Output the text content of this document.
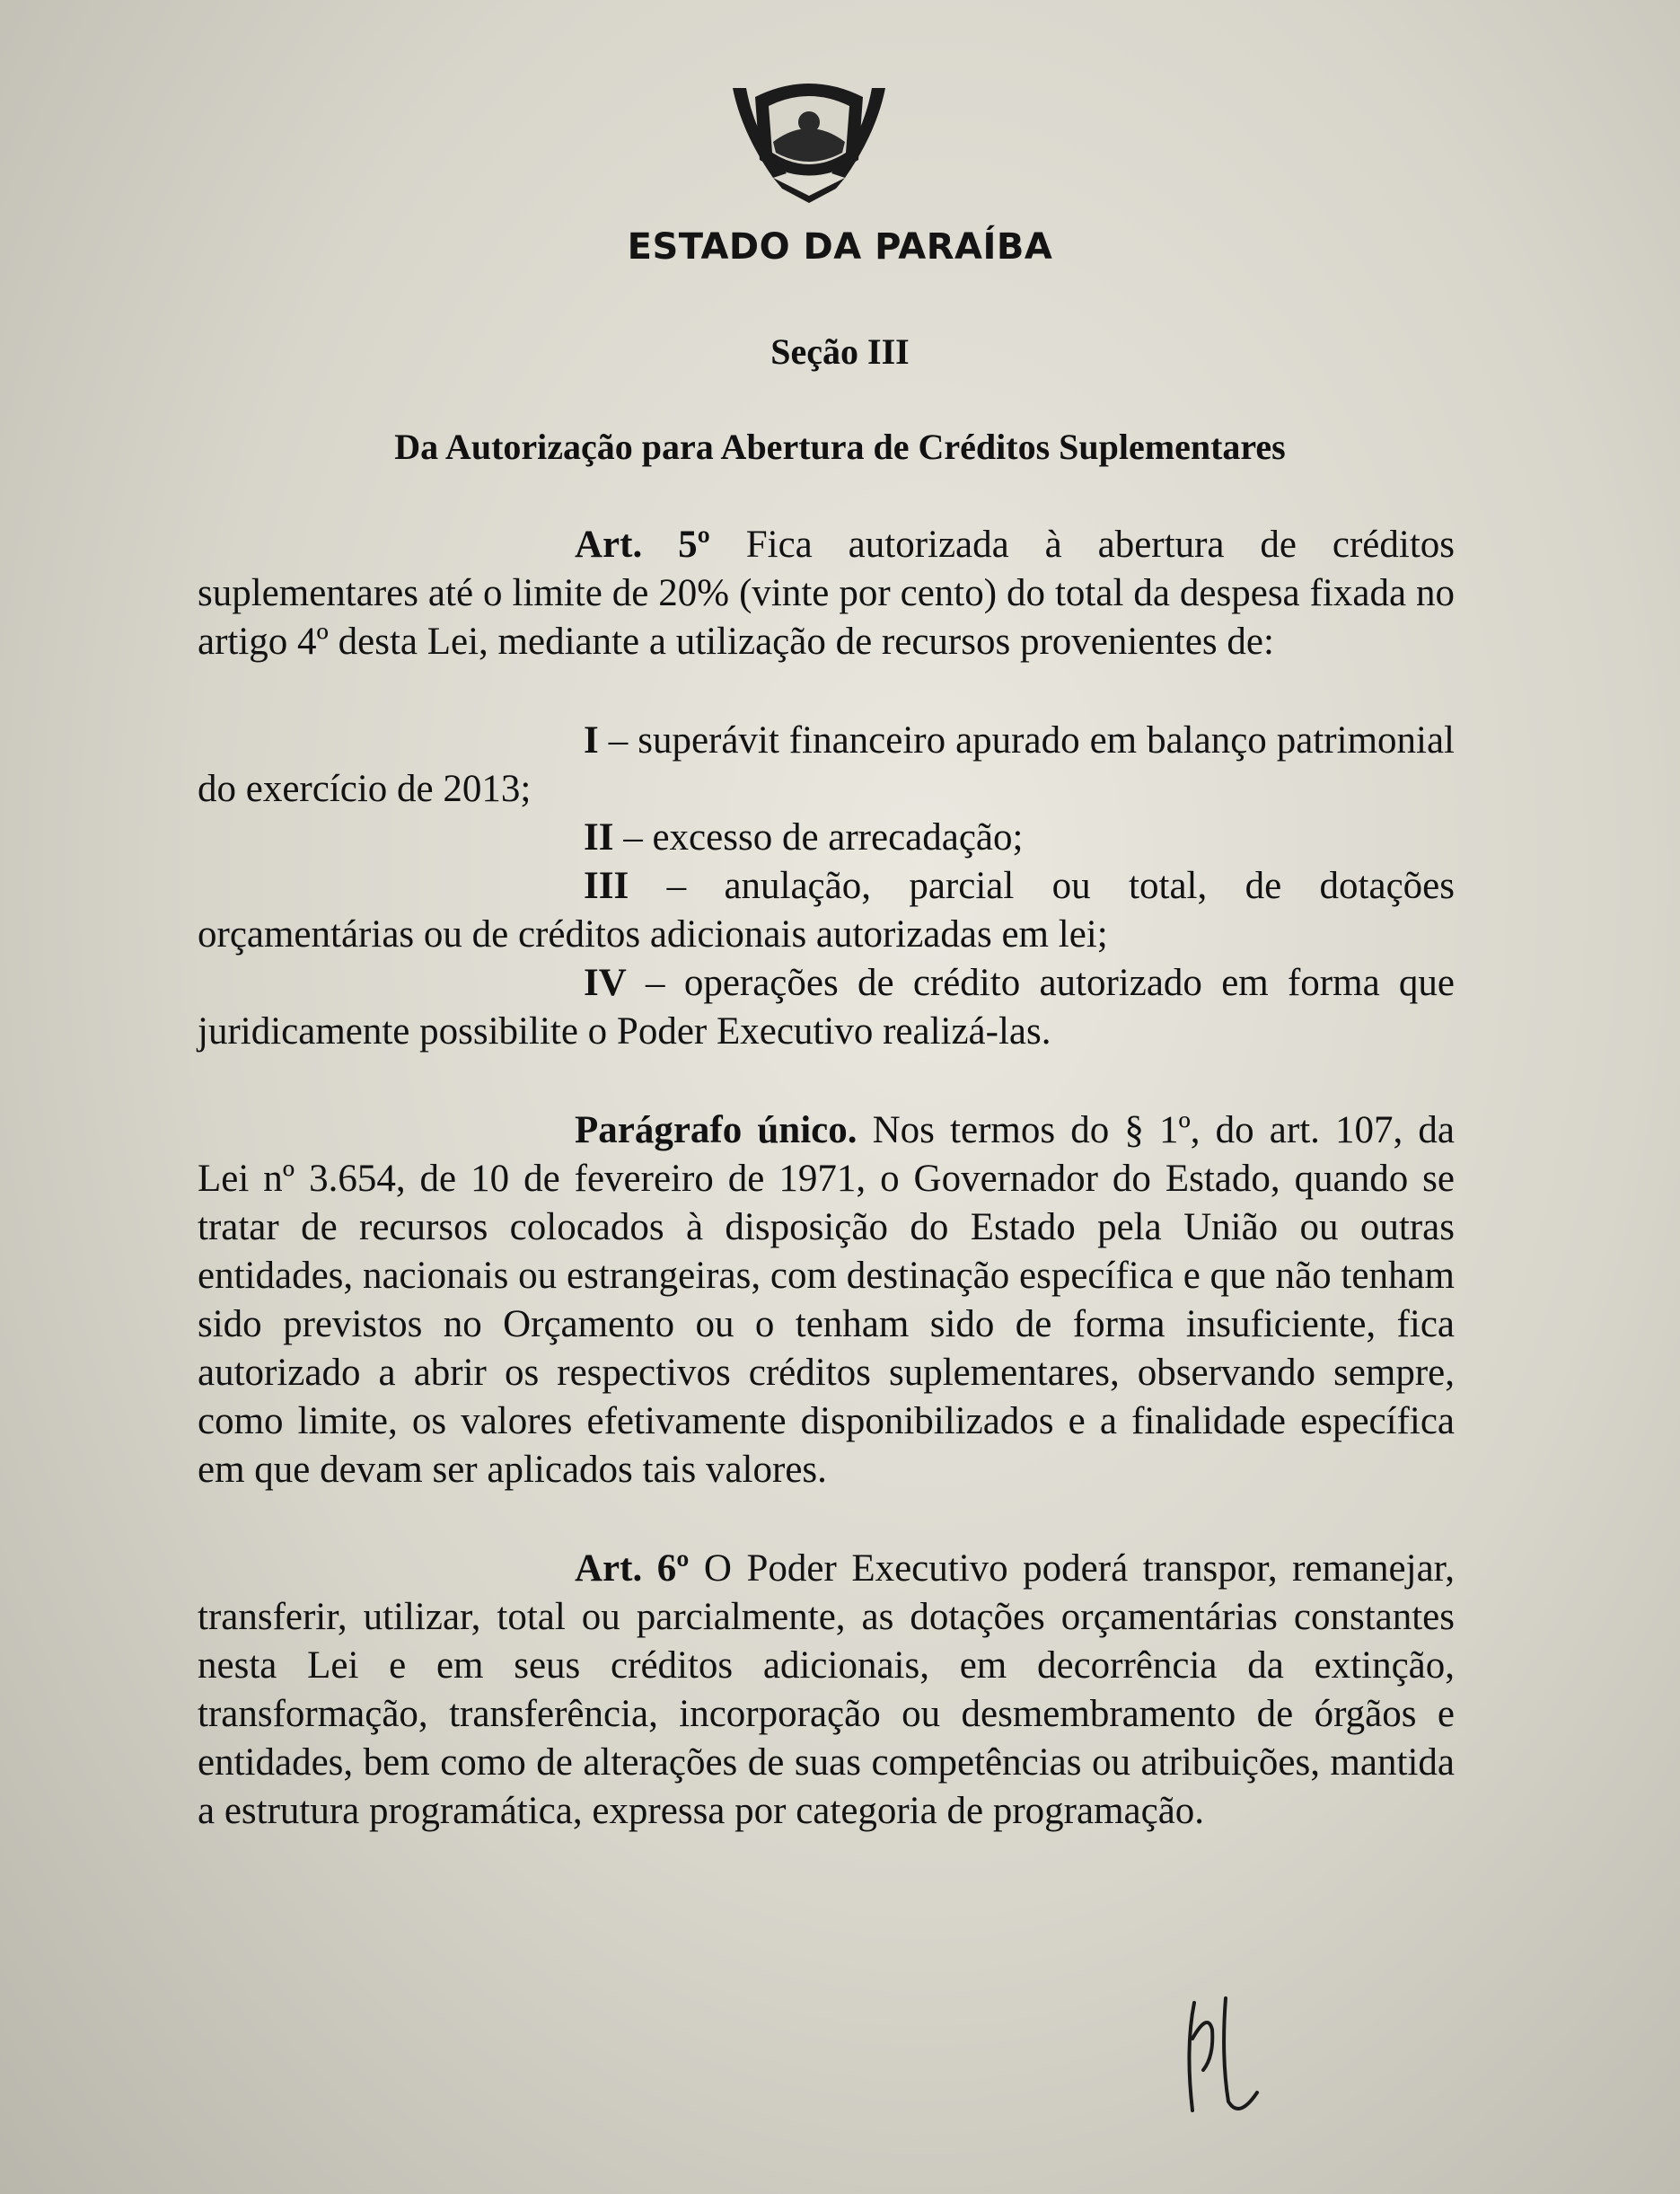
ESTADO DA PARAÍBA
Seção III
Da Autorização para Abertura de Créditos Suplementares

Art. 5º Fica autorizada à abertura de créditos suplementares até o limite de 20% (vinte por cento) do total da despesa fixada no artigo 4º desta Lei, mediante a utilização de recursos provenientes de:

I – superávit financeiro apurado em balanço patrimonial do exercício de 2013;

II – excesso de arrecadação;

III – anulação, parcial ou total, de dotações orçamentárias ou de créditos adicionais autorizadas em lei;

IV – operações de crédito autorizado em forma que juridicamente possibilite o Poder Executivo realizá-las.

Parágrafo único. Nos termos do § 1º, do art. 107, da Lei nº 3.654, de 10 de fevereiro de 1971, o Governador do Estado, quando se tratar de recursos colocados à disposição do Estado pela União ou outras entidades, nacionais ou estrangeiras, com destinação específica e que não tenham sido previstos no Orçamento ou o tenham sido de forma insuficiente, fica autorizado a abrir os respectivos créditos suplementares, observando sempre, como limite, os valores efetivamente disponibilizados e a finalidade específica em que devam ser aplicados tais valores.

Art. 6º O Poder Executivo poderá transpor, remanejar, transferir, utilizar, total ou parcialmente, as dotações orçamentárias constantes nesta Lei e em seus créditos adicionais, em decorrência da extinção, transformação, transferência, incorporação ou desmembramento de órgãos e entidades, bem como de alterações de suas competências ou atribuições, mantida a estrutura programática, expressa por categoria de programação.
